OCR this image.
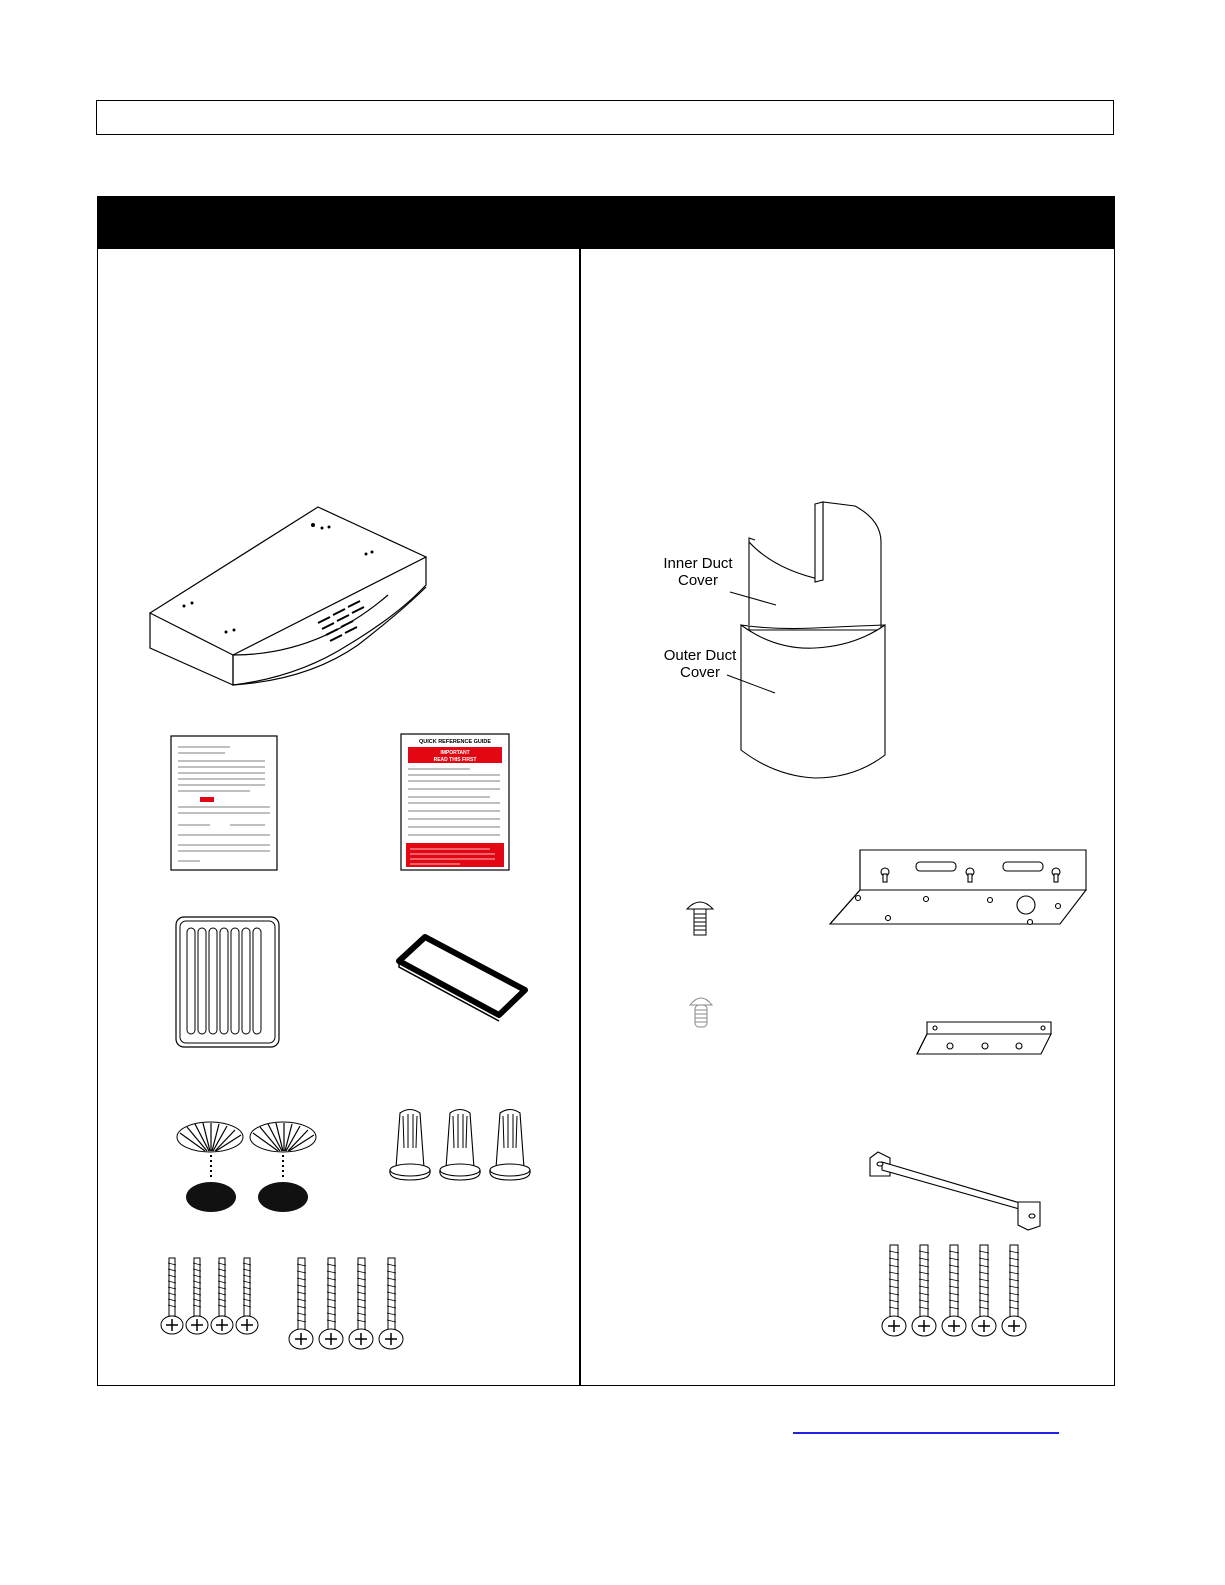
QUICK REFERENCE GUIDE
IMPORTANT
READ THIS FIRST
Inner Duct
Cover
Outer Duct
Cover
